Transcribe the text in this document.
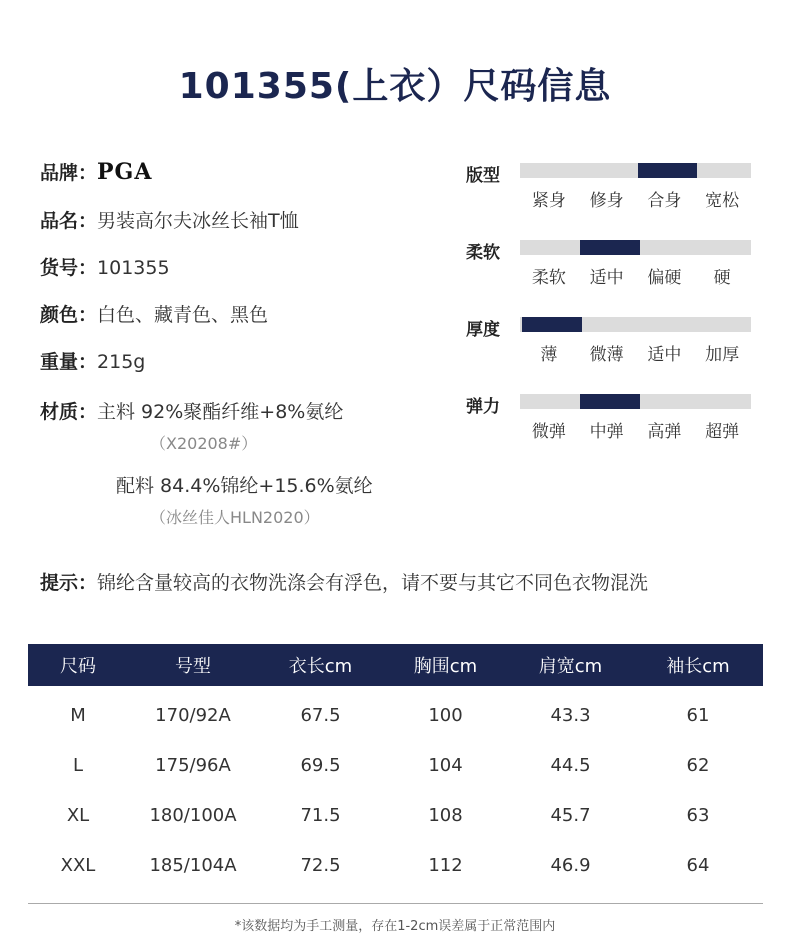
101355(上衣）尺码信息
品牌：PGA
品名：男装高尔夫冰丝长袖T恤
货号：101355
颜色：白色、藏青色、黑色
重量：215g
材质：主料 92%聚酯纤维+8%氨纶
（X20208#）
配料 84.4%锦纶+15.6%氨纶
（冰丝佳人HLN2020）
版型
紧身 修身 合身 宽松
柔软
柔软 适中 偏硬 硬
厚度
薄 微薄 适中 加厚
弹力
微弹 中弹 高弹 超弹
提示：锦纶含量较高的衣物洗涤会有浮色，请不要与其它不同色衣物混洗
尺码	号型	衣长cm	胸围cm	肩宽cm	袖长cm
M	170/92A	67.5	100	43.3	61
L	175/96A	69.5	104	44.5	62
XL	180/100A	71.5	108	45.7	63
XXL	185/104A	72.5	112	46.9	64
*该数据均为手工测量，存在1-2cm误差属于正常范围内
